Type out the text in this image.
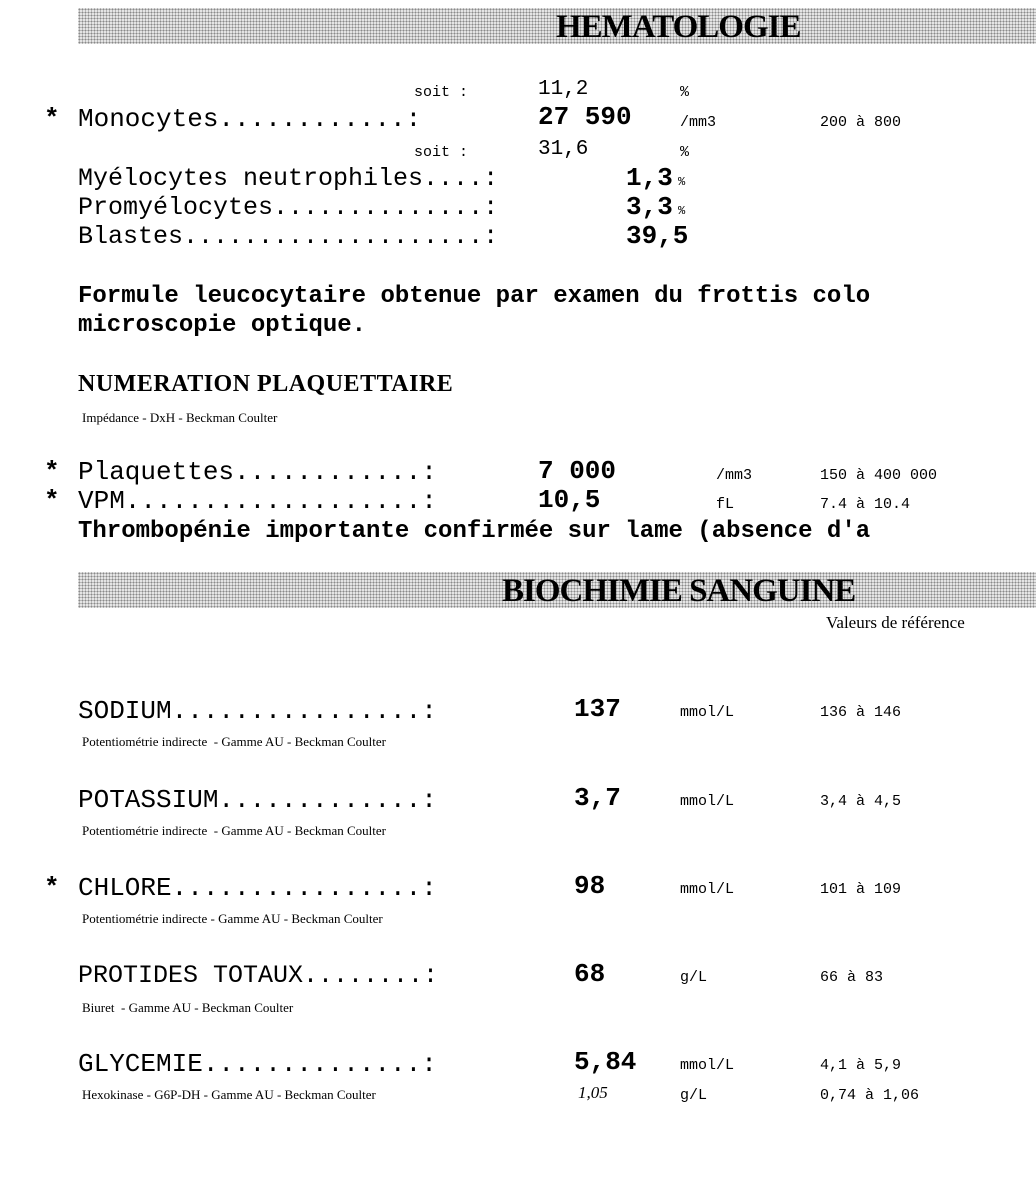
HEMATOLOGIE
soit :	11,2	%
* Monocytes............:	27 590	/mm3	200 à 800
soit :	31,6	%
Myélocytes neutrophiles....:	1,3 %
Promyélocytes..............:	3,3 %
Blastes....................:	39,5
Formule leucocytaire obtenue par examen du frottis colo
microscopie optique.
NUMERATION PLAQUETTAIRE
Impédance - DxH - Beckman Coulter
* Plaquettes............:	7 000	/mm3	150 à 400 000
* VPM...................:	10,5	fL	7.4 à 10.4
Thrombopénie importante confirmée sur lame (absence d'a
BIOCHIMIE SANGUINE
Valeurs de référence
SODIUM................:	137	mmol/L	136 à 146
Potentiométrie indirecte  - Gamme AU - Beckman Coulter
POTASSIUM.............:	3,7	mmol/L	3,4 à 4,5
Potentiométrie indirecte  - Gamme AU - Beckman Coulter
* CHLORE................:	98	mmol/L	101 à 109
Potentiométrie indirecte - Gamme AU - Beckman Coulter
PROTIDES TOTAUX........:	68	g/L	66 à 83
Biuret  - Gamme AU - Beckman Coulter
GLYCEMIE..............:	5,84	mmol/L	4,1 à 5,9
Hexokinase - G6P-DH - Gamme AU - Beckman Coulter	1,05	g/L	0,74 à 1,06
